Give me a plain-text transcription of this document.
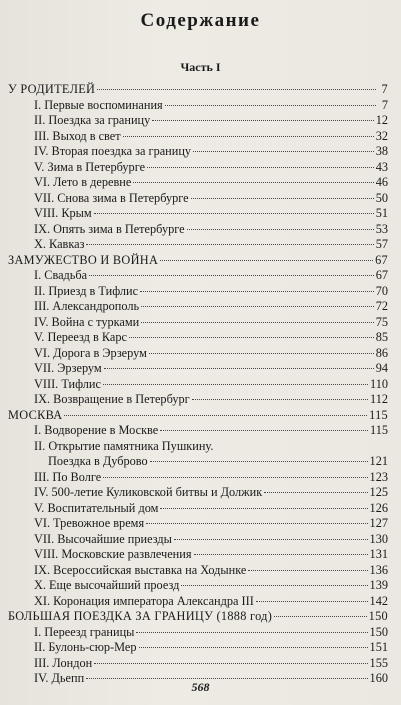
Содержание
Часть I
У РОДИТЕЛЕЙ	7
I. Первые воспоминания	7
II. Поездка за границу	12
III. Выход в свет	32
IV. Вторая поездка за границу	38
V. Зима в Петербурге	43
VI. Лето в деревне	46
VII. Снова зима в Петербурге	50
VIII. Крым	51
IX. Опять зима в Петербурге	53
X. Кавказ	57
ЗАМУЖЕСТВО И ВОЙНА	67
I. Свадьба	67
II. Приезд в Тифлис	70
III. Александрополь	72
IV. Война с турками	75
V. Переезд в Карс	85
VI. Дорога в Эрзерум	86
VII. Эрзерум	94
VIII. Тифлис	110
IX. Возвращение в Петербург	112
МОСКВА	115
I. Водворение в Москве	115
II. Открытие памятника Пушкину.
Поездка в Дуброво	121
III. По Волге	123
IV. 500-летие Куликовской битвы и Должик	125
V. Воспитательный дом	126
VI. Тревожное время	127
VII. Высочайшие приезды	130
VIII. Московские развлечения	131
IX. Всероссийская выставка на Ходынке	136
X. Еще высочайший проезд	139
XI. Коронация императора Александра III	142
БОЛЬШАЯ ПОЕЗДКА ЗА ГРАНИЦУ (1888 год)	150
I. Переезд границы	150
II. Булонь-сюр-Мер	151
III. Лондон	155
IV. Дьепп	160
568
